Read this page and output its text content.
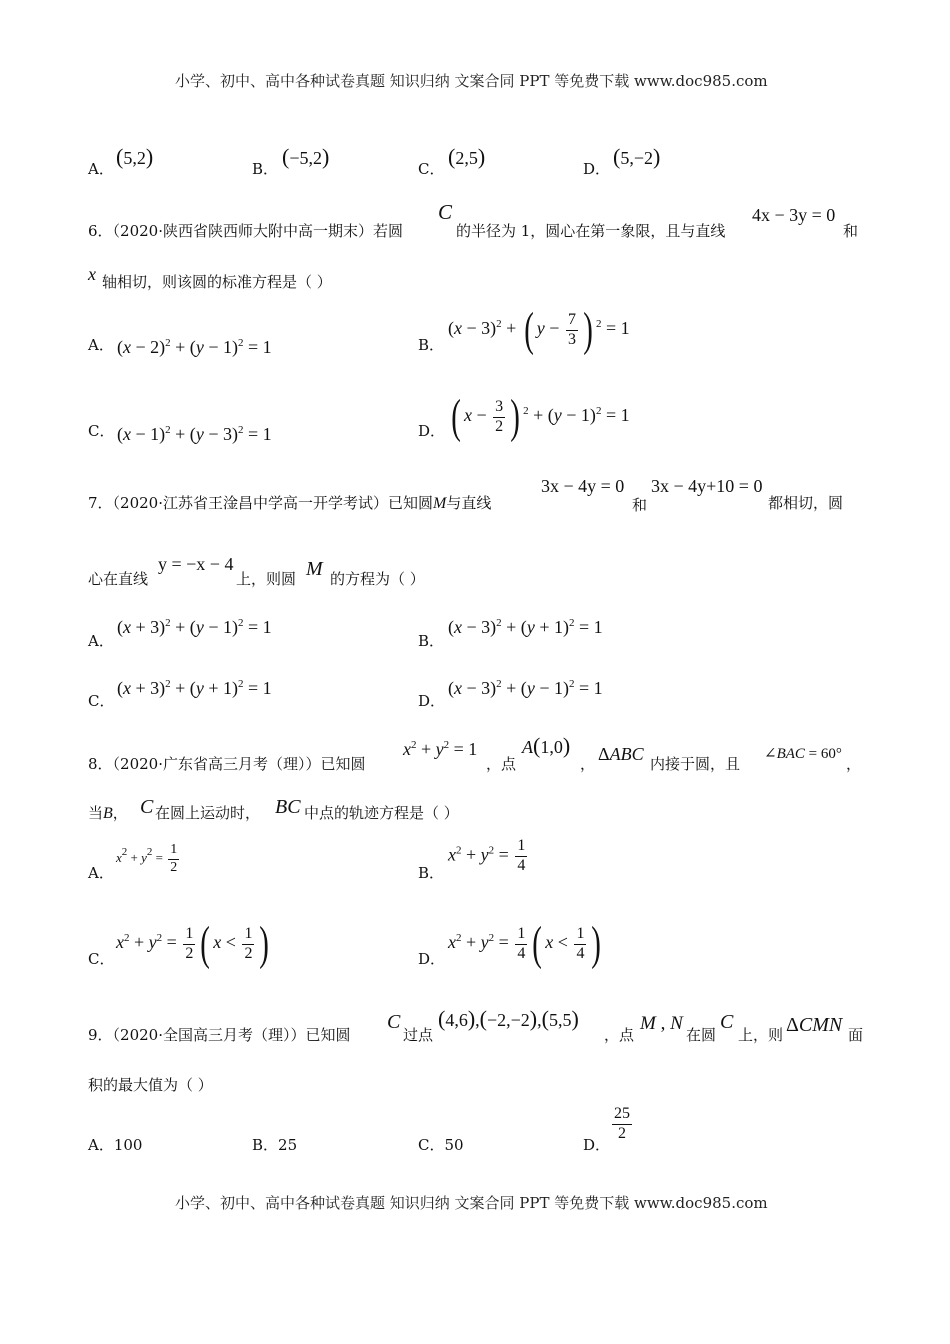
小学、初中、高中各种试卷真题 知识归纳 文案合同 PPT 等免费下载 www.doc985.com
A． (5,2)	B． (−5,2)	C． (2,5)	D． (5,−2)
6．（2020·陕西省陕西师大附中高一期末）若圆
C
的半径为 1，圆心在第一象限，且与直线
4x − 3y = 0
和
x 轴相切，则该圆的标准方程是（ ）
A． $(x - 2)^2 + (y - 1)^2 = 1$	B．
$(x - 3)^2$ + ( $y - \frac{7}{3}$ ) $^2$ = 1
C． $(x - 1)^2 + (y - 3)^2 = 1$	D． ( $x - \frac{3}{2}$ ) $^2 + (y - 1)^2 = 1$
7．（2020·江苏省王淦昌中学高一开学考试）已知圆M与直线
3x − 4y = 0
和
3x − 4y+10 = 0
都相切，圆
心在直线
y = −x − 4
上，则圆 M 的方程为（ ）
A．
$(x + 3)^2 + (y - 1)^2 = 1$
B．
$(x - 3)^2 + (y + 1)^2 = 1$
C．
$(x + 3)^2 + (y + 1)^2 = 1$
D．
$(x - 3)^2 + (y - 1)^2 = 1$
8．（2020·广东省高三月考（理））已知圆
$x^2 + y^2 = 1$
，点
A(1,0)
， ΔABC 内接于圆，且
∠BAC = 60°
，
当B， C 在圆上运动时， BC 中点的轨迹方程是（ ）
A．
$x^2 + y^2 = \frac{1}{2}$	B．
$x^2 + y^2 = \frac{1}{4}$
C．
$x^2 + y^2 = \frac{1}{2}$ ( $x < \frac{1}{2}$ )	D．
$x^2 + y^2 = \frac{1}{4}$ ( $x < \frac{1}{4}$ )
9．（2020·全国高三月考（理））已知圆
C
过点
(4,6),(−2,−2),(5,5)
，点
M , N
在圆
C
上，则 ΔCMN 面
积的最大值为（ ）
A．100	B．25	C．50	D．
$\frac{25}{2}$
小学、初中、高中各种试卷真题 知识归纳 文案合同 PPT 等免费下载 www.doc985.com
